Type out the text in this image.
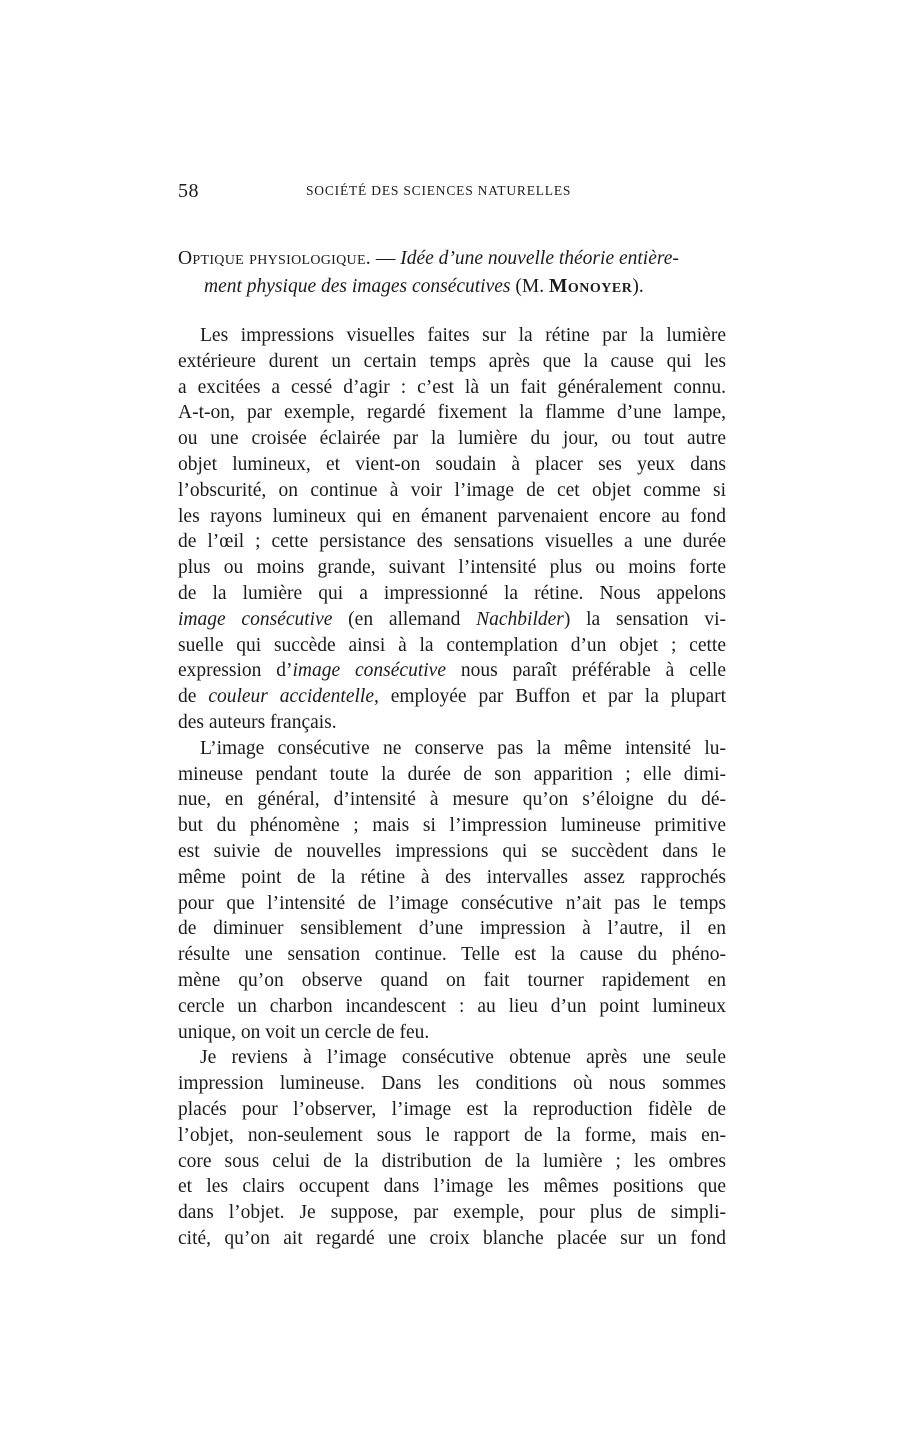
58	SOCIÉTÉ DES SCIENCES NATURELLES
Optique physiologique. — Idée d’une nouvelle théorie entière-
ment physique des images consécutives (M. Monoyer).
Les impressions visuelles faites sur la rétine par la lumière
extérieure durent un certain temps après que la cause qui les
a excitées a cessé d’agir : c’est là un fait généralement connu.
A-t-on, par exemple, regardé fixement la flamme d’une lampe,
ou une croisée éclairée par la lumière du jour, ou tout autre
objet lumineux, et vient-on soudain à placer ses yeux dans
l’obscurité, on continue à voir l’image de cet objet comme si
les rayons lumineux qui en émanent parvenaient encore au fond
de l’œil ; cette persistance des sensations visuelles a une durée
plus ou moins grande, suivant l’intensité plus ou moins forte
de la lumière qui a impressionné la rétine. Nous appelons
image consécutive (en allemand Nachbilder) la sensation vi-
suelle qui succède ainsi à la contemplation d’un objet ; cette
expression d’image consécutive nous paraît préférable à celle
de couleur accidentelle, employée par Buffon et par la plupart
des auteurs français.
L’image consécutive ne conserve pas la même intensité lu-
mineuse pendant toute la durée de son apparition ; elle dimi-
nue, en général, d’intensité à mesure qu’on s’éloigne du dé-
but du phénomène ; mais si l’impression lumineuse primitive
est suivie de nouvelles impressions qui se succèdent dans le
même point de la rétine à des intervalles assez rapprochés
pour que l’intensité de l’image consécutive n’ait pas le temps
de diminuer sensiblement d’une impression à l’autre, il en
résulte une sensation continue. Telle est la cause du phéno-
mène qu’on observe quand on fait tourner rapidement en
cercle un charbon incandescent : au lieu d’un point lumineux
unique, on voit un cercle de feu.
Je reviens à l’image consécutive obtenue après une seule
impression lumineuse. Dans les conditions où nous sommes
placés pour l’observer, l’image est la reproduction fidèle de
l’objet, non-seulement sous le rapport de la forme, mais en-
core sous celui de la distribution de la lumière ; les ombres
et les clairs occupent dans l’image les mêmes positions que
dans l’objet. Je suppose, par exemple, pour plus de simpli-
cité, qu’on ait regardé une croix blanche placée sur un fond
